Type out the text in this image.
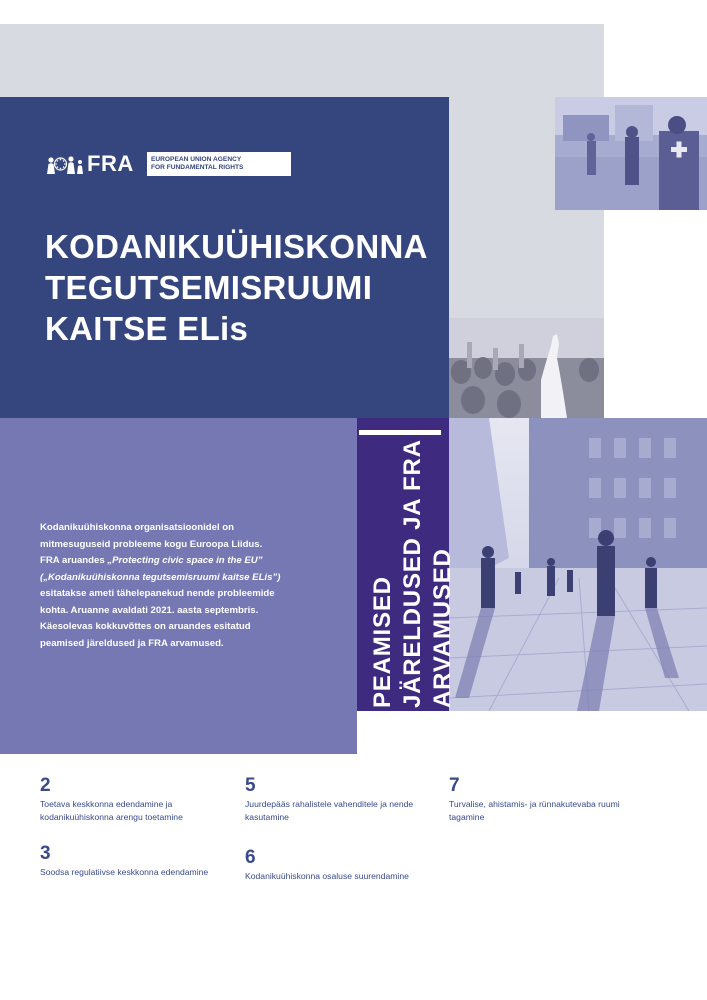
FRA	EUROPEAN UNION AGENCY
FOR FUNDAMENTAL RIGHTS
KODANIKUÜHISKONNA
TEGUTSEMISRUUMI
KAITSE ELis

Kodanikuühiskonna organisatsioonidel on

mitmesuguseid probleeme kogu Euroopa Liidus.

FRA aruandes „Protecting civic space in the EU”

(„Kodanikuühiskonna tegutsemisruumi kaitse ELis”)

esitatakse ameti tähelepanekud nende probleemide

kohta. Aruanne avaldati 2021. aasta septembris.

Käesolevas kokkuvõttes on aruandes esitatud

peamised järeldused ja FRA arvamused.	PEAMISED JÄRELDUSED JA FRA ARVAMUSED
2
Toetava keskkonna edendamine ja
kodanikuühiskonna arengu toetamine
5
Juurdepääs rahalistele vahenditele ja nende
kasutamine
7
Turvalise, ahistamis- ja rünnakutevaba ruumi
tagamine
3
Soodsa regulatiivse keskkonna edendamine
6
Kodanikuühiskonna osaluse suurendamine
